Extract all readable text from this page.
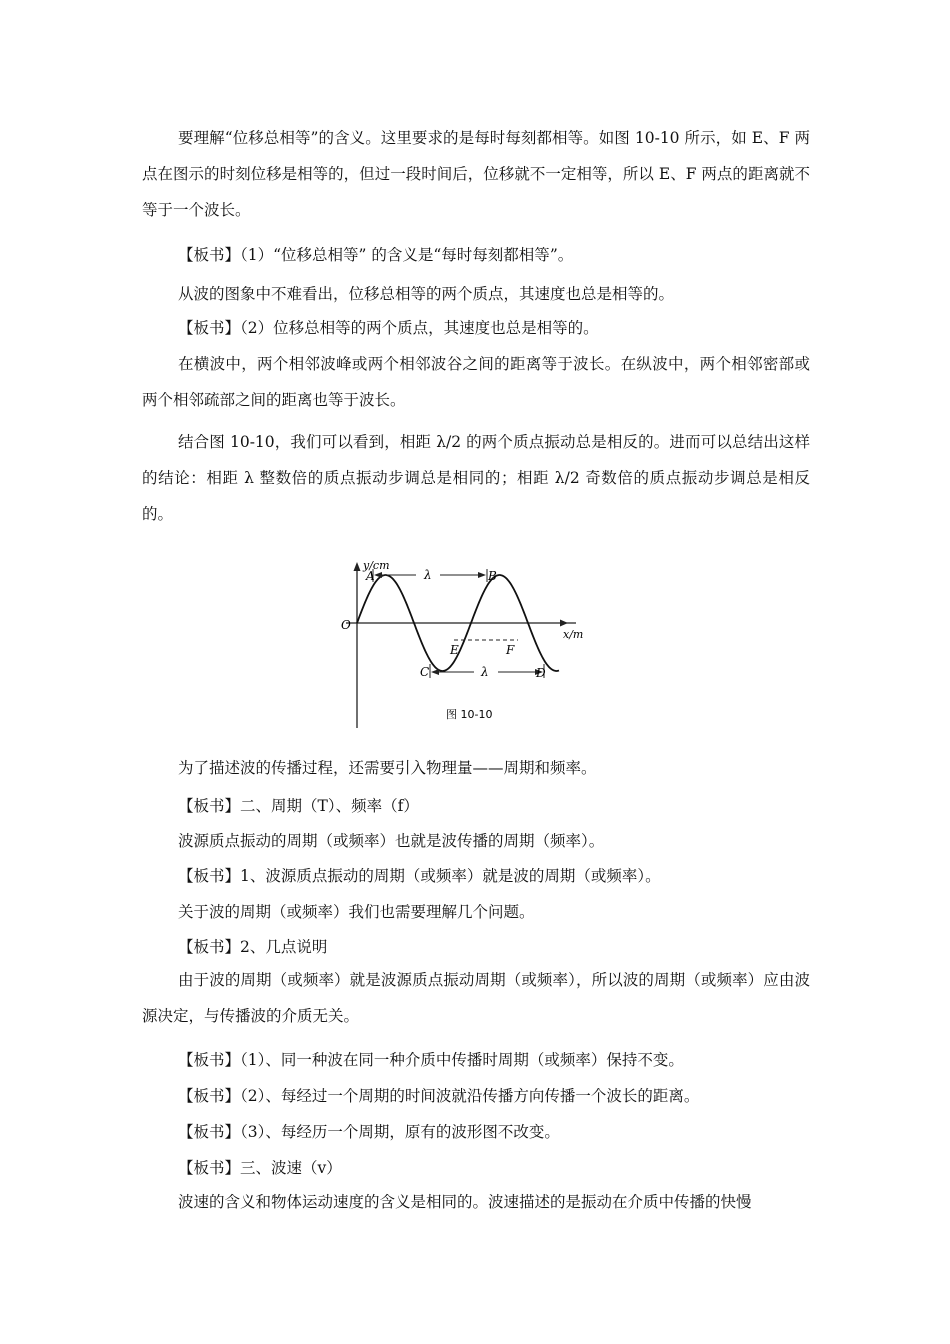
要理解“位移总相等”的含义。这里要求的是每时每刻都相等。如图 10-10 所示，如 E、F 两点在图示的时刻位移是相等的，但过一段时间后，位移就不一定相等，所以 E、F 两点的距离就不等于一个波长。

【板书】（1）“位移总相等” 的含义是“每时每刻都相等”。

从波的图象中不难看出，位移总相等的两个质点，其速度也总是相等的。

【板书】（2）位移总相等的两个质点，其速度也总是相等的。

在横波中，两个相邻波峰或两个相邻波谷之间的距离等于波长。在纵波中，两个相邻密部或两个相邻疏部之间的距离也等于波长。

结合图 10-10，我们可以看到，相距 λ/2 的两个质点振动总是相反的。进而可以总结出这样的结论：相距 λ 整数倍的质点振动步调总是相同的；相距 λ/2 奇数倍的质点振动步调总是相反的。

y/cm
x/m
O
A	B
C	D
E	F
λ
λ
图 10-10

为了描述波的传播过程，还需要引入物理量——周期和频率。

【板书】二、周期（T）、频率（f）

波源质点振动的周期（或频率）也就是波传播的周期（频率）。

【板书】1、波源质点振动的周期（或频率）就是波的周期（或频率）。

关于波的周期（或频率）我们也需要理解几个问题。

【板书】2、几点说明

由于波的周期（或频率）就是波源质点振动周期（或频率），所以波的周期（或频率）应由波源决定，与传播波的介质无关。

【板书】（1）、同一种波在同一种介质中传播时周期（或频率）保持不变。

【板书】（2）、每经过一个周期的时间波就沿传播方向传播一个波长的距离。

【板书】（3）、每经历一个周期，原有的波形图不改变。

【板书】三、波速（v）

波速的含义和物体运动速度的含义是相同的。波速描述的是振动在介质中传播的快慢
